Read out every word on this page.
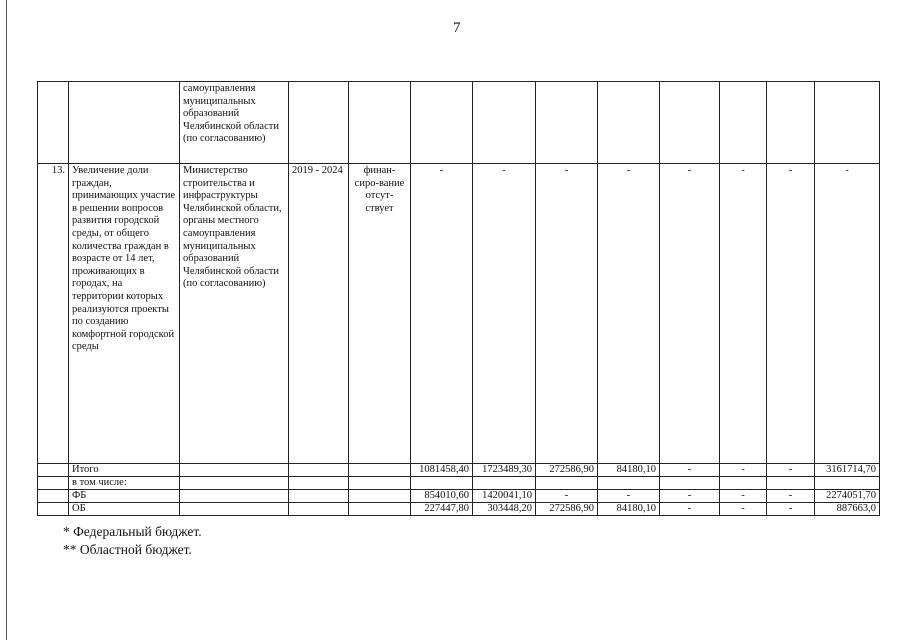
7
		самоуправления муниципальных образований Челябинской области (по согласованию)										
13.	Увеличение доли граждан, принимающих участие в решении вопросов развития городской среды, от общего количества граждан в возрасте от 14 лет, проживающих в городах, на территории которых реализуются проекты по созданию комфортной городской среды	Министерство строительства и инфраструктуры Челябинской области, органы местного самоуправления муниципальных образований Челябинской области (по согласованию)	2019 - 2024	финан-сиро-вание отсут-ствует	-	-	-	-	-	-	-	-
	Итого				1081458,40	1723489,30	272586,90	84180,10	-	-	-	3161714,70
	в том числе:											
	ФБ				854010,60	1420041,10	-	-	-	-	-	2274051,70
	ОБ				227447,80	303448,20	272586,90	84180,10	-	-	-	887663,0
* Федеральный бюджет.
** Областной бюджет.
